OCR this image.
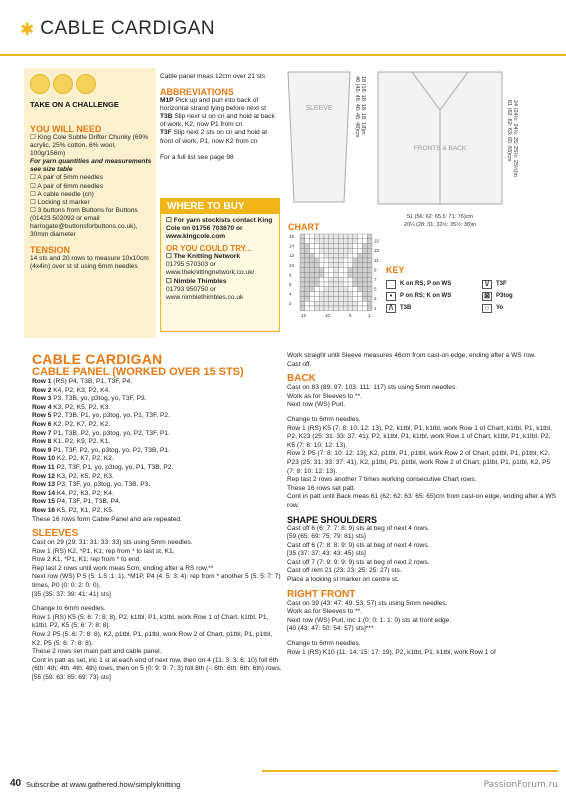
✱ CABLE CARDIGAN
TAKE ON A CHALLENGE
YOU WILL NEED
☐ King Cole Subtle Drifter Chunky (69% acrylic, 25% cotton, 6% wool, 100g/156m)
For yarn quantities and measurements see size table
☐ A pair of 5mm needles
☐ A pair of 6mm needles
☐ A cable needle (cn)
☐ Locking st marker
☐ 3 buttons from Buttons for Buttons (01423 502092 or email harrogate@buttonsforbuttons.co.uk), 30mm diameter
TENSION
14 sts and 20 rows to measure 10x10cm (4x4in) over st st using 6mm needles
Cable panel meas 12cm over 21 sts
ABBREVIATIONS
M1P Pick up and purl into back of horizontal strand lying before next st
T3B Slip next st on cn and hold at back of work, K2, now P1 from cn
T3F Slip next 2 sts on cn and hold at front of work, P1, now K2 from cn
For a full list see page 98
WHERE TO BUY
☐ For yarn stockists contact King Cole on 01756 703670 or www.kingcole.com
OR YOU COULD TRY...
☐ The Knitting Network
01795 570303 or www.theknittingnetwork.co.uk/
☐ Nimble Thimbles
01793 950750 or www.nimblethimbles.co.uk
SLEEVE	46 (45: 46: 46: 46: 46)cm 18 (18: 18: 18: 18: 18)in
FRONTS & BACK	61 (62: 62: 63: 65: 65)cm 24 (24½: 24½: 25: 25½: 25½)in
51 (56: 62: 65.5: 71: 76)cm
20¼ (28: 31: 32½: 35½: 38)in
CHART
16
14
12
10
8
6
4
2
15
13
11
9
7
5
3
1
15	10	5	1
KEY
K on RS; P on WS	\/	T3F
•	P on RS; K on WS	⊠	P3tog
/\	T3B	○	Yo
CABLE CARDIGAN
CABLE PANEL (WORKED OVER 15 STS)
Row 1 (RS) P4, T3B, P1, T3F, P4.
Row 2 K4, P2, K3, P2, K4.
Row 3 P3, T3B, yo, p3tog, yo, T3F, P3.
Row 4 K3, P2, K5, P2, K3.
Row 5 P2, T3B, P1, yo, p3tog, yo, P1, T3F, P2.
Row 6 K2, P2, K7, P2, K2.
Row 7 P1, T3B, P2, yo, p3tog, yo, P2, T3F, P1.
Row 8 K1, P2, K9, P2, K1.
Row 9 P1, T3F, P2, yo, p3tog, yo, P2, T3B, P1.
Row 10 K2, P2, K7, P2, K2.
Row 11 P2, T3F, P1, yo, p3tog, yo, P1, T3B, P2.
Row 12 K3, P2, K5, P2, K3.
Row 13 P3, T3F, yo, p3tog, yo, T3B, P3.
Row 14 K4, P2, K3, P2, K4.
Row 15 P4, T3F, P1, T3B, P4.
Row 16 K5, P2, K1, P2, K5.
These 16 rows form Cable Panel and are repeated.
SLEEVES
Cast on 29 (29: 31: 31: 33: 33) sts using 5mm needles.
Row 1 (RS) K2, *P1, K1; rep from * to last st, K1.
Row 2 K1, *P1, K1; rep from * to end.
Rep last 2 rows until work meas 5cm, ending after a RS row.**
Next row (WS) P 5 (5: 1.5 :1: 1), *M1P, P4 (4: 5: 3: 4): rep from * another 5 (5: 5: 7: 7) times, P0 (0: 0: 2: 0: 0).
[35 (35: 37: 39: 41: 41) sts]
Change to 6mm needles.
Row 1 (RS) K5 (5: 6: 7: 8: 8), P2, k1tbl, P1, k1tbl, work Row 1 of Chart, k1tbl, P1, k1tbl, P2, K5 (5: 6: 7: 8: 8).
Row 2 P5 (5: 6: 7: 8: 8), K2, p1tbl, P1, p1tbl, work Row 2 of Chart, p1tbl, P1, p1tbl, K2, P5 (5: 6: 7: 8: 8).
These 2 rows set main patt and cable panel.
Cont in patt as set, inc 1 st at each end of next row, then on 4 (11: 3: 3: 6: 10) foll 6th (6th: 4th: 4th: 4th: 4th) rows, then on 5 (0: 9: 9: 7: 3) foll 8th (-: 6th: 6th: 6th: 6th) rows. [55 (59: 63: 65: 69: 73) sts]
Work straight until Sleeve measures 46cm from cast-on edge, ending after a WS row.
Cast off.
BACK
Cast on 83 (89: 97: 103: 111: 117) sts using 5mm needles.
Work as for Sleeves to **.
Next row (WS) Purl.
Change to 6mm needles.
Row 1 (RS) K5 (7: 8: 10: 12: 13), P2, k1tbl, P1, k1tbl, work Row 1 of Chart, k1tbl, P1, k1tbl, P2, K23 (25: 31: 33: 37: 41), P2, k1tbl, P1, k1tbl, work Row 1 of Chart, k1tbl, P1, k1tbl, P2, K5 (7: 8: 10: 12: 13).
Row 2 P5 (7: 8: 10: 12: 13), K2, p1tbl, P1, p1tbl, work Row 2 of Chart, p1tbl, P1, p1tbl, K2, P23 (25: 31: 33: 37: 41), K2, p1tbl, P1, p1tbl, work Row 2 of Chart, p1tbl, P1, p1tbl, K2, P5 (7: 8: 10: 12: 13).
Rep last 2 rows another 7 times working consecutive Chart rows.
These 16 rows set patt.
Cont in patt until Back meas 61 (62: 62: 63: 65: 65)cm from cast-on edge, ending after a WS row.
SHAPE SHOULDERS
Cast off 6 (6: 7: 7: 8: 9) sts at beg of next 4 rows.
[59 (65: 69: 75: 79: 81) sts]
Cast off 6 (7: 8: 8: 9: 9) sts at beg of next 4 rows.
[35 (37: 37: 43: 43: 45) sts]
Cast off 7 (7: 9: 9: 9: 9) sts at beg of next 2 rows.
Cast off rem 21 (23: 23: 25: 25: 27) sts.
Place a locking st marker on centre st.
RIGHT FRONT
Cast on 39 (43: 47: 49: 53: 57) sts using 5mm needles.
Work as for Sleeves to **.
Next row (WS) Purl, inc 1 (0: 0: 1: 1: 0) sts at front edge.
[40 (43: 47: 50: 54: 57) sts]***
Change to 6mm needles.
Row 1 (RS) K10 (11: 14: 15: 17: 19), P2, k1tbl, P1, k1tbl, work Row 1 of
40 Subscribe at www.gathered.how/simplyknitting	PassionForum.ru
